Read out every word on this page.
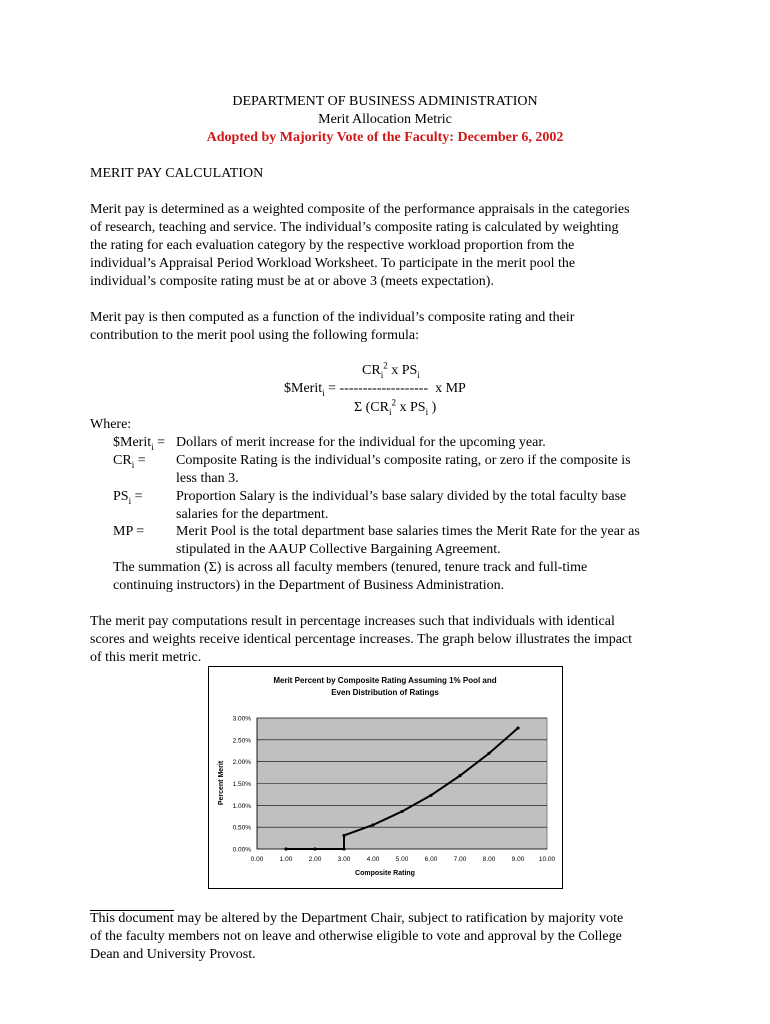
DEPARTMENT OF BUSINESS ADMINISTRATION
Merit Allocation Metric
Adopted by Majority Vote of the Faculty: December 6, 2002
MERIT PAY CALCULATION
Merit pay is determined as a weighted composite of the performance appraisals in the categories
of research, teaching and service. The individual’s composite rating is calculated by weighting
the rating for each evaluation category by the respective workload proportion from the
individual’s Appraisal Period Workload Worksheet. To participate in the merit pool the
individual’s composite rating must be at or above 3 (meets expectation).
Merit pay is then computed as a function of the individual’s composite rating and their
contribution to the merit pool using the following formula:
$CR_i^2$ x $PS_i$
$Merit$_i$ = -------------------  x MP
Σ ($CR_i^2$ x $PS_i$ )
Where:
$Merit$_i$ = Dollars of merit increase for the individual for the upcoming year.
$CR_i$ = Composite Rating is the individual’s composite rating, or zero if the composite is
less than 3.
$PS_i$ = Proportion Salary is the individual’s base salary divided by the total faculty base
salaries for the department.
MP = Merit Pool is the total department base salaries times the Merit Rate for the year as
stipulated in the AAUP Collective Bargaining Agreement.
The summation (Σ) is across all faculty members (tenured, tenure track and full-time
continuing instructors) in the Department of Business Administration.
The merit pay computations result in percentage increases such that individuals with identical
scores and weights receive identical percentage increases. The graph below illustrates the impact
of this merit metric.
Merit Percent by Composite Rating Assuming 1% Pool and
Even Distribution of Ratings
0.00%
0.50%
1.00%
1.50%
2.00%
2.50%
3.00%
0.00	1.00	2.00	3.00	4.00	5.00	6.00	7.00	8.00	9.00 10.00
Composite Rating
Percent Merit
This document may be altered by the Department Chair, subject to ratification by majority vote
of the faculty members not on leave and otherwise eligible to vote and approval by the College
Dean and University Provost.
